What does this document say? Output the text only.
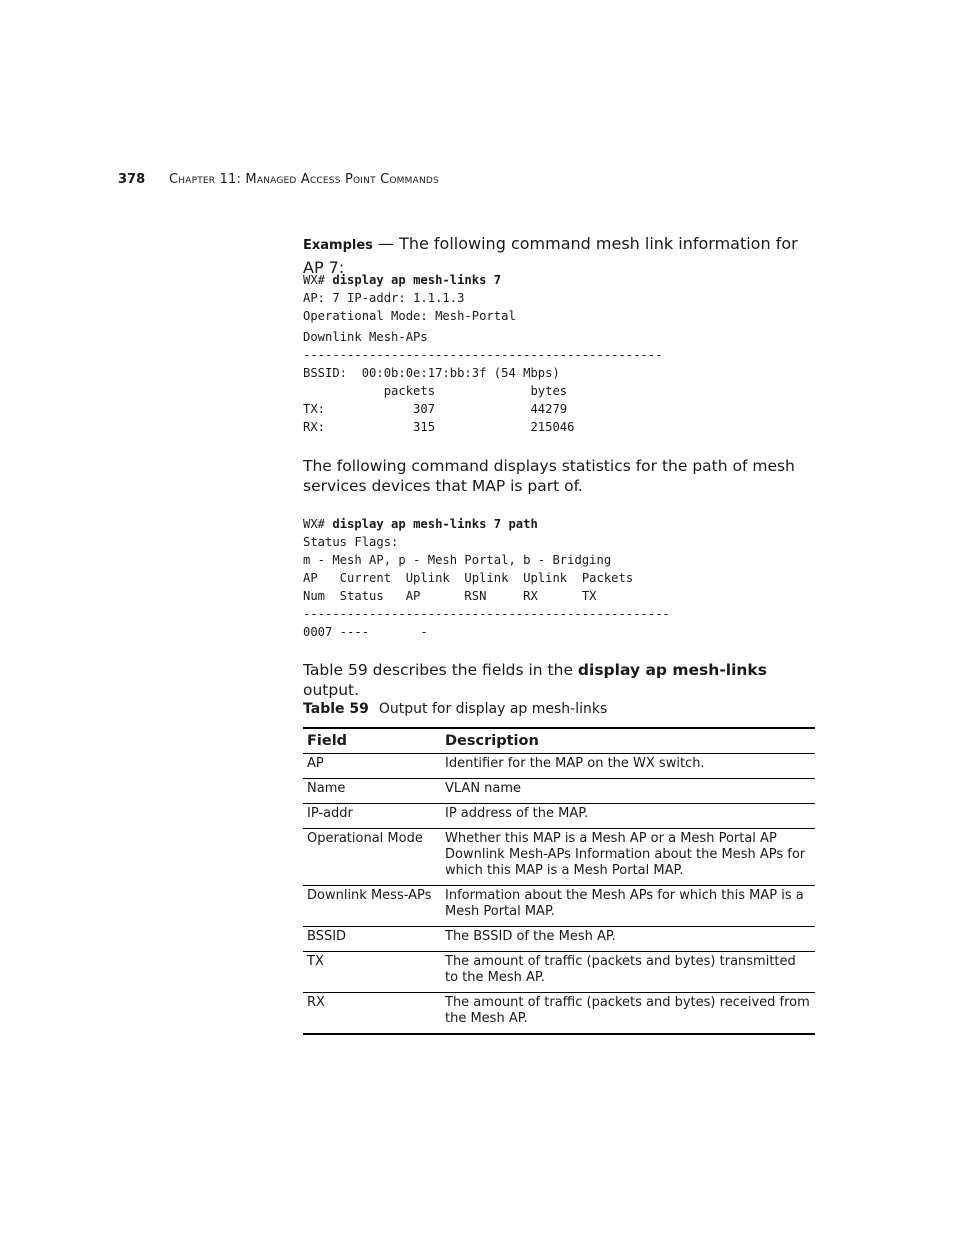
378 Chapter 11: Managed Access Point Commands
Examples — The following command mesh link information for AP 7:
WX# display ap mesh-links 7
AP: 7 IP-addr: 1.1.1.3
Operational Mode: Mesh-Portal
Downlink Mesh-APs
-------------------------------------------------
BSSID:  00:0b:0e:17:bb:3f (54 Mbps)
packets             bytes
TX:            307             44279
RX:            315             215046
The following command displays statistics for the path of mesh services devices that MAP is part of.
WX# display ap mesh-links 7 path
Status Flags:
m - Mesh AP, p - Mesh Portal, b - Bridging
AP   Current  Uplink  Uplink  Uplink  Packets
Num  Status   AP      RSN     RX      TX
--------------------------------------------------
0007 ----       -
Table 59 describes the fields in the display ap mesh-links output.
Table 59 Output for display ap mesh-links
Field	Description
AP	Identifier for the MAP on the WX switch.
Name	VLAN name
IP-addr	IP address of the MAP.
Operational Mode	Whether this MAP is a Mesh AP or a Mesh Portal AP Downlink Mesh-APs Information about the Mesh APs for which this MAP is a Mesh Portal MAP.
Downlink Mess-APs	Information about the Mesh APs for which this MAP is a Mesh Portal MAP.
BSSID	The BSSID of the Mesh AP.
TX	The amount of traffic (packets and bytes) transmitted to the Mesh AP.
RX	The amount of traffic (packets and bytes) received from the Mesh AP.
